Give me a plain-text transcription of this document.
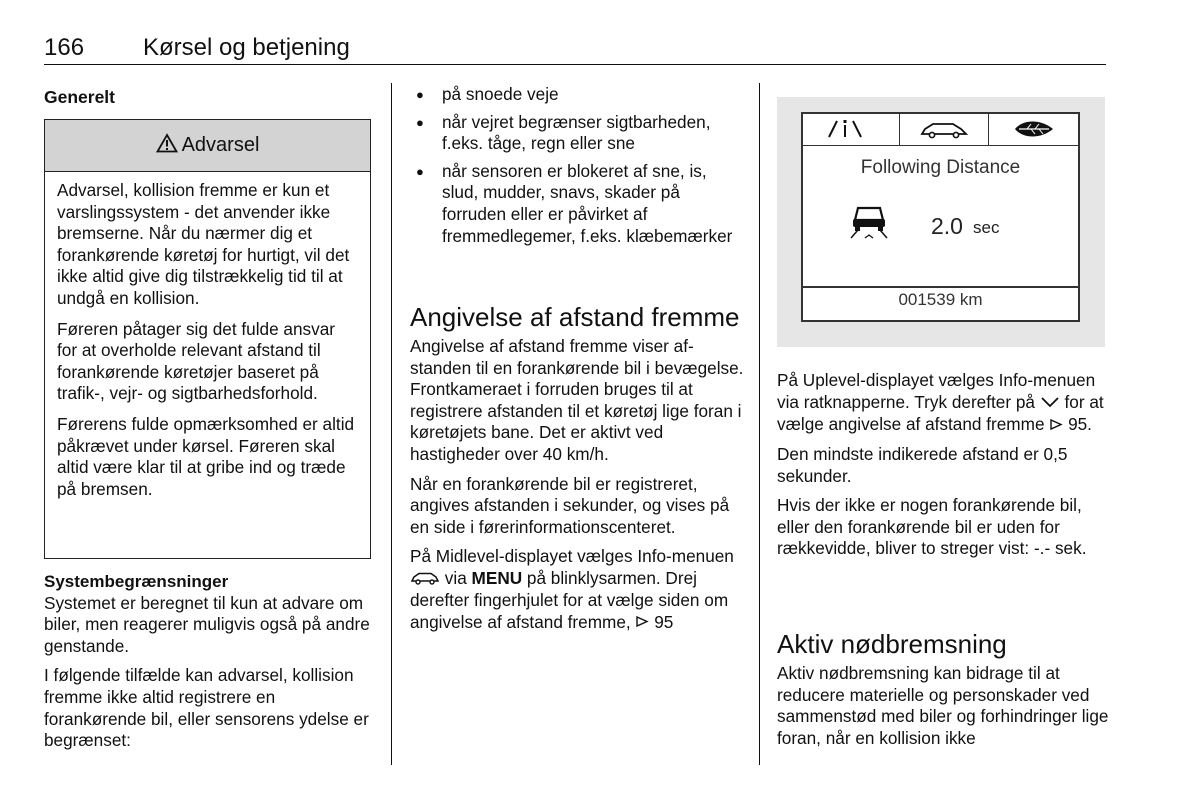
166 Kørsel og betjening
Generelt
Advarsel

Advarsel, kollision fremme er kun et varslingssystem - det anvender ikke bremserne. Når du nærmer dig et forankørende køretøj for hurtigt, vil det ikke altid give dig tilstrækkelig tid til at undgå en kollision.

Føreren påtager sig det fulde ansvar for at overholde relevant afstand til forankørende køretøjer baseret på trafik-, vejr- og sigtbarhedsforhold.

Førerens fulde opmærksomhed er altid påkrævet under kørsel. Føreren skal altid være klar til at gribe ind og træde på bremsen.

Systembegrænsninger

Systemet er beregnet til kun at advare om biler, men reagerer muligvis også på andre genstande.

I følgende tilfælde kan advarsel, kollision fremme ikke altid registrere en forankørende bil, eller sensorens ydelse er begrænset:

● på snoede veje
● når vejret begrænser sigtbarheden, f.eks. tåge, regn eller sne
● når sensoren er blokeret af sne, is, slud, mudder, snavs, skader på forruden eller er påvirket af fremmedlegemer, f.eks. klæbemærker
Angivelse af afstand fremme

Angivelse af afstand fremme viser afstanden til en forankørende bil i bevægelse. Frontkameraet i forruden bruges til at registrere afstanden til et køretøj lige foran i køretøjets bane. Det er aktivt ved hastigheder over 40 km/h.

Når en forankørende bil er registreret, angives afstanden i sekunder, og vises på en side i førerinformationscenteret.

På Midlevel-displayet vælges Info-menuen  via MENU på blinklysarmen. Drej derefter fingerhjulet for at vælge siden om angivelse af afstand fremme,  95

Following Distance
2.0 sec
001539 km

På Uplevel-displayet vælges Info-menuen via ratknapperne. Tryk derefter på  for at vælge angivelse af afstand fremme  95.

Den mindste indikerede afstand er 0,5 sekunder.

Hvis der ikke er nogen forankørende bil, eller den forankørende bil er uden for rækkevidde, bliver to streger vist: -.- sek.

Aktiv nødbremsning

Aktiv nødbremsning kan bidrage til at reducere materielle og personskader ved sammenstød med biler og forhindringer lige foran, når en kollision ikke
